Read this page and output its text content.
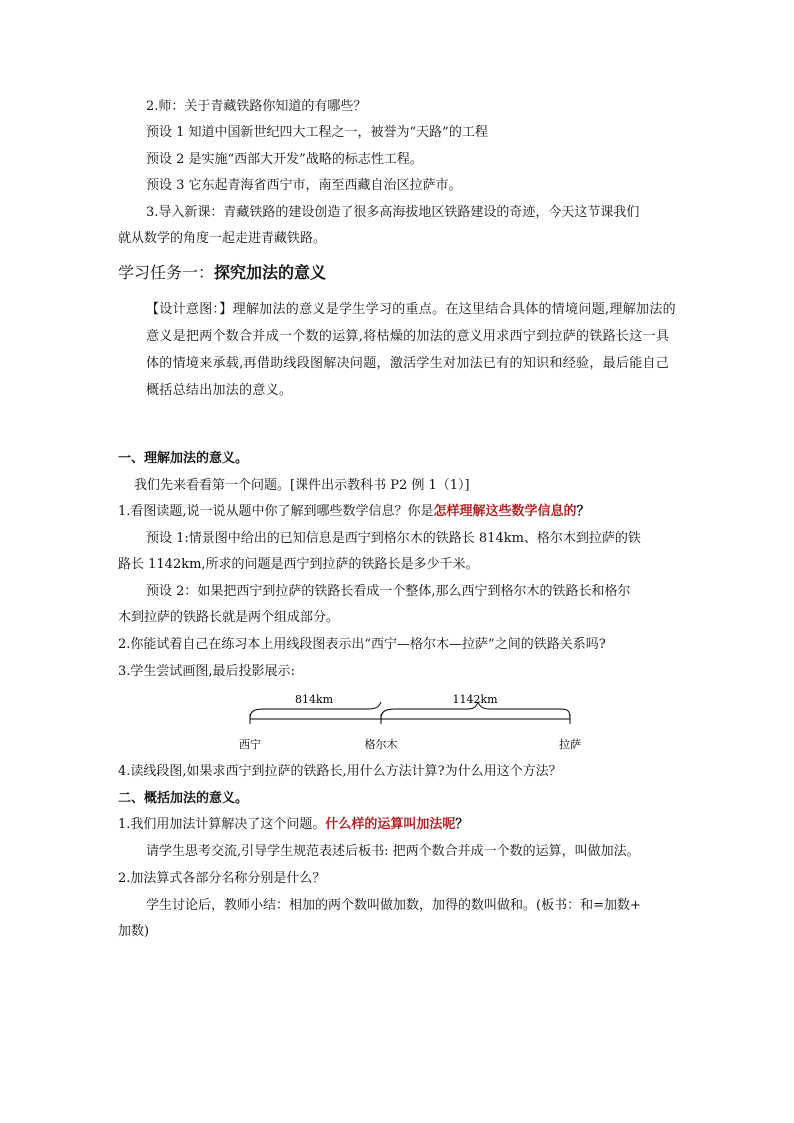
2.师：关于青藏铁路你知道的有哪些？
预设 1 知道中国新世纪四大工程之一，被誉为“天路”的工程
预设 2 是实施“西部大开发”战略的标志性工程。
预设 3 它东起青海省西宁市，南至西藏自治区拉萨市。
3.导入新课：青藏铁路的建设创造了很多高海拔地区铁路建设的奇迹，今天这节课我们
就从数学的角度一起走进青藏铁路。
学习任务一：探究加法的意义
【设计意图：】理解加法的意义是学生学习的重点。在这里结合具体的情境问题,理解加法的意义是把两个数合并成一个数的运算,将枯燥的加法的意义用求西宁到拉萨的铁路长这一具体的情境来承载,再借助线段图解决问题，激活学生对加法已有的知识和经验，最后能自己概括总结出加法的意义。
一、理解加法的意义。
我们先来看看第一个问题。[课件出示教科书 P2 例 1（1）]
1.看图读题,说一说从题中你了解到哪些数学信息？你是怎样理解这些数学信息的？
预设 1:情景图中给出的已知信息是西宁到格尔木的铁路长 814km、格尔木到拉萨的铁
路长 1142km,所求的问题是西宁到拉萨的铁路长是多少千米。
预设 2：如果把西宁到拉萨的铁路长看成一个整体,那么西宁到格尔木的铁路长和格尔
木到拉萨的铁路长就是两个组成部分。
2.你能试着自己在练习本上用线段图表示出“西宁—格尔木—拉萨”之间的铁路关系吗?
3.学生尝试画图,最后投影展示:
814km	1142km
西宁	格尔木	拉萨
4.读线段图,如果求西宁到拉萨的铁路长,用什么方法计算?为什么用这个方法？
二、概括加法的意义。
1.我们用加法计算解决了这个问题。什么样的运算叫加法呢？
请学生思考交流,引导学生规范表述后板书: 把两个数合并成一个数的运算，叫做加法。
2.加法算式各部分名称分别是什么？
学生讨论后，教师小结：相加的两个数叫做加数，加得的数叫做和。(板书：和=加数+
加数)
